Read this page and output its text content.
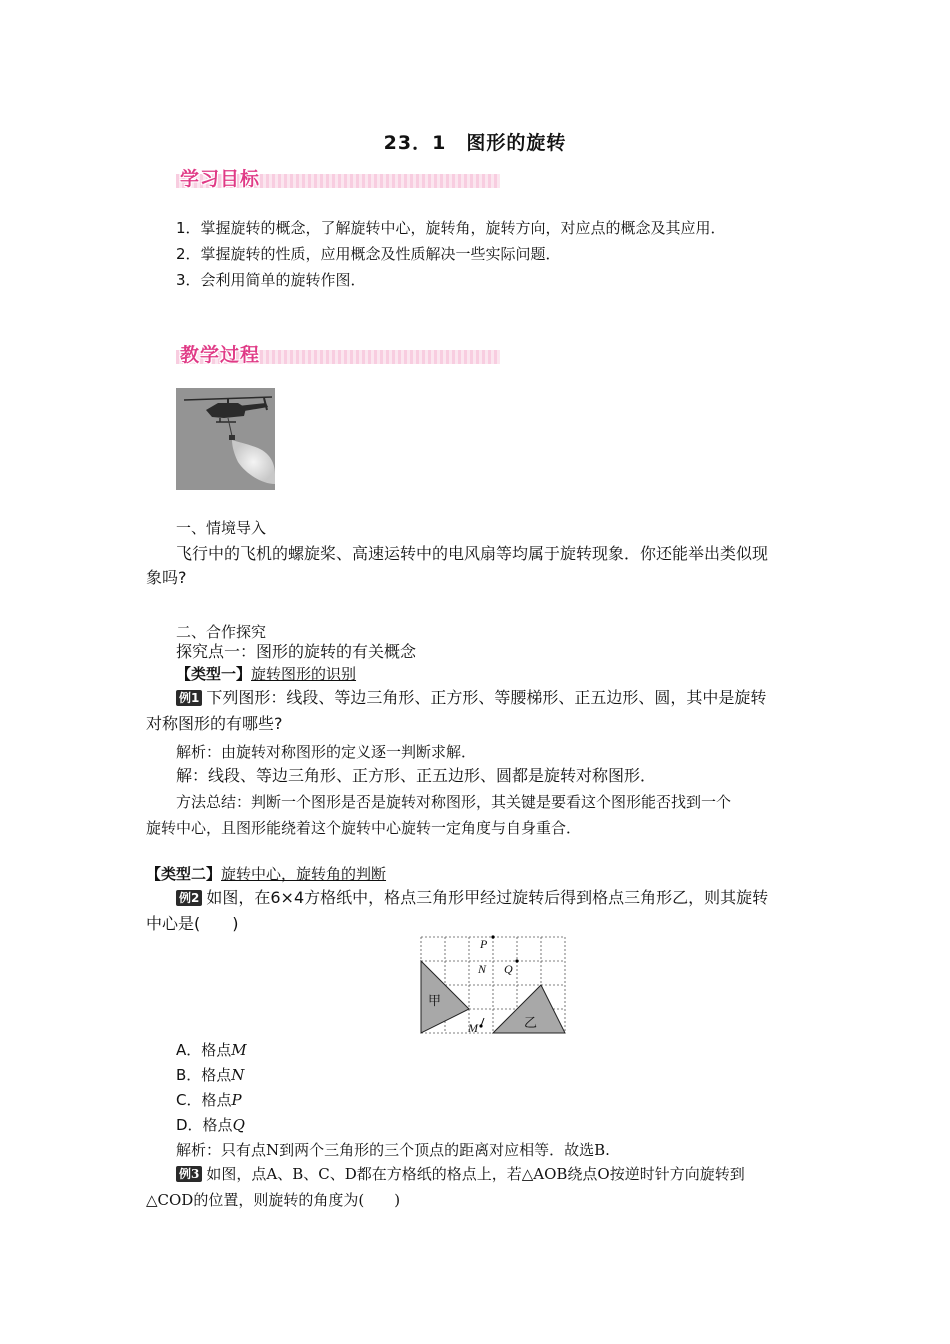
23．1　图形的旋转
学习目标
1．掌握旋转的概念，了解旋转中心，旋转角，旋转方向，对应点的概念及其应用．
2．掌握旋转的性质，应用概念及性质解决一些实际问题．
3．会利用简单的旋转作图．
教学过程
一、情境导入
飞行中的飞机的螺旋桨、高速运转中的电风扇等均属于旋转现象．你还能举出类似现
象吗?
二、合作探究
探究点一：图形的旋转的有关概念
【类型一】旋转图形的识别
例1 下列图形：线段、等边三角形、正方形、等腰梯形、正五边形、圆，其中是旋转
对称图形的有哪些?
解析：由旋转对称图形的定义逐一判断求解．
解：线段、等边三角形、正方形、正五边形、圆都是旋转对称图形．
方法总结：判断一个图形是否是旋转对称图形，其关键是要看这个图形能否找到一个
旋转中心，且图形能绕着这个旋转中心旋转一定角度与自身重合．
【类型二】旋转中心，旋转角的判断
例2 如图，在6×4方格纸中，格点三角形甲经过旋转后得到格点三角形乙，则其旋转
中心是(　　)
甲
乙
P
N Q
M
A．格点M
B．格点N
C．格点P
D．格点Q
解析：只有点N到两个三角形的三个顶点的距离对应相等．故选B.
例3 如图，点A、B、C、D都在方格纸的格点上，若△AOB绕点O按逆时针方向旋转到
△COD的位置，则旋转的角度为(　　)
